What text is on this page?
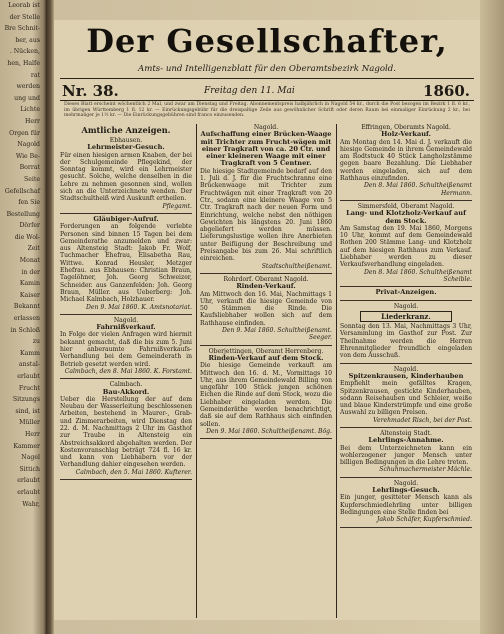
Leorab ist
der Stelle
Bre Schnit-
ber, aus
. Nücken,
hen, Halfe
rat
werden
ung und
Lichte
Herr
Orgen für
Nagold
Wie Be-
Borrat
Seite
Gefellschaf
fen Sie
Bestellung
Dörfer
die Wol-
Zeit
Monat
in der
Kamin
Kaiser
Bekannt
erlassen
in Schloß
zu
Kamm
anstal-
erlaubt
Frucht
Sitzungs
sind, ist
Müller
Herr
Kammer
Nagel
Sittich
erlaubt
erlaubt
Wahr,
Der Gesellschafter,
Amts- und Intelligenzblatt für den Oberamtsbezirk Nagold.
Nr. 38.	Freitag den 11. Mai	1860.
Dieses Blatt erscheint wöchentlich 2 Mal, und zwar am Dienstag und Freitag. Abonnementspreis halbjährlich in Nagold 54 kr., durch die Post bezogen im Bezirk 1 fl. 6 kr., im übrigen Württemberg 1 fl. 12 kr. — Einrückungsgebühr für die dreispaltige Zeile aus gewöhnlicher Schrift oder deren Raum bei einmaliger Einrückung 2 kr., bei mehrmaliger je 1½ kr. — Die Einrückungsgebühren sind franco einzusenden.
Amtliche Anzeigen.
Ebhausen.
Lehrmeister-Gesuch.
Für einen hiesigen armen Knaben, der bei der Schulgemeinde Pflegekind, der Sonntag kommt, wird ein Lehrmeister gesucht. Solche, welche denselben in die Lehre zu nehmen gesonnen sind, wollen sich an die Unterzeichnete wenden. Der Stadtschultheiß wird Auskunft ertheilen.
Pflegamt.
Gläubiger-Aufruf.
Forderungen an folgende verlebte Personen sind binnen 15 Tagen bei dem Gemeinderathe anzumelden und zwar: aus Altensteig Stadt: Jakob Fr. Wolf, Tuchmacher Ehefrau, Elisabetha Rau, Wittwe. Konrad Heusler, Metzger Ehefrau. aus Ebhausen: Christian Braun, Tagelöhner, Joh. Georg Schweizer, Schneider. aus Ganzenfelden: Joh. Georg Braun, Müller. aus Ueberberg: Joh. Michael Kalmbach, Holzhauer.
Den 9. Mai 1860. K. Amtsnotariat.
Nagold.
Fahrnißverkauf.
In Folge der vielen Anfragen wird hiermit bekannt gemacht, daß die bis zum 5. Juni hier anberaumte Fahrnißverkaufs-Verhandlung bei dem Gemeinderath in Betrieb gesetzt werden wird.
Calmbach, den 8. Mai 1860. K. Forstamt.
Calmbach.
Bau-Akkord.
Ueber die Herstellung der auf dem Neubau der Wasserleitung beschlossenen Arbeiten, bestehend in Maurer-, Grab- und Zimmerarbeiten, wird Dienstag den 22. d. M. Nachmittags 2 Uhr im Gasthof zur Traube in Altensteig ein Abstreichsakkord abgehalten werden. Der Kostenvoranschlag beträgt 724 fl. 16 kr. und kann von Liebhabern vor der Verhandlung dahier eingesehen werden.
Calmbach, den 5. Mai 1860. Kufterer.
Nagold.
Aufschaffung einer Brücken-Waage mit Trichter zum Frucht-wägen mit einer Tragkraft von ca. 20 Ctr. und einer kleineren Waage mit einer Tragkraft von 5 Centner.
Die hiesige Stadtgemeinde bedarf auf den 1. Juli d. J. für die Fruchtschranne eine Brückenwaage mit Trichter zum Fruchtwägen mit einer Tragkraft von 20 Ctr., sodann eine kleinere Waage von 5 Ctr. Tragkraft nach der neuen Form und Einrichtung, welche nebst den nöthigen Gewichten bis längstens 20. Juni 1860 abgeliefert werden müssen. Lieferungslustige wollen ihre Anerbieten unter Beifügung der Beschreibung und Preisangabe bis zum 26. Mai schriftlich einreichen.
Stadtschultheißenamt.
Rohrdorf. Oberamt Nagold.
Rinden-Verkauf.
Am Mittwoch den 16. Mai, Nachmittags 1 Uhr, verkauft die hiesige Gemeinde von 50 Stämmen die Rinde. Die Kaufsliebhaber wollen sich auf dem Rathhause einfinden.
Den 9. Mai 1860. Schultheißenamt. Seeger.
Oberjettingen, Oberamt Herrenberg.
Rinden-Verkauf auf dem Stock.
Die hiesige Gemeinde verkauft am Mittwoch den 16. d. M., Vormittags 10 Uhr, aus ihrem Gemeindewald Billing von ungefähr 100 Stück jungen schönen Eichen die Rinde auf dem Stock, wozu die Liebhaber eingeladen werden. Die Gemeinderäthe werden benachrichtigt, daß sie auf dem Rathhaus sich einfinden sollen.
Den 9. Mai 1860. Schultheißenamt. Bög.
Effringen, Oberamts Nagold.
Holz-Verkauf.
Am Montag den 14. Mai d. J. verkauft die hiesige Gemeinde in ihrem Gemeindewald am Rodtstuck 40 Stück Langholzstämme gegen baare Bezahlung. Die Liebhaber werden eingeladen, sich auf dem Rathhaus einzufinden.
Den 8. Mai 1860. Schultheißenamt Hermann.
Simmersfeld, Oberamt Nagold.
Lang- und Klotzholz-Verkauf auf dem Stock.
Am Samstag den 19. Mai 1860, Morgens 10 Uhr, kommt auf dem Gemeindewald Rothen 200 Stämme Lang- und Klotzholz auf dem hiesigen Rathhaus zum Verkauf. Liebhaber werden zu dieser Verkaufsverhandlung eingeladen.
Den 8. Mai 1860. Schultheißenamt Scheible.
Privat-Anzeigen.
Nagold.
Liederkranz.
Sonntag den 13. Mai, Nachmittags 3 Uhr, Versammlung im Gasthof zur Post. Zur Theilnahme werden die Herren Ehrenmitglieder freundlich eingeladen von dem Ausschuß.
Nagold.
Spitzenkrausen, Kinderhauben
Empfiehlt mein gefälltes Kragen, Spitzenkrausen, gestickte Kinderhauben, sodann Reisehauben und Schleier, weiße und blaue Kinderstrümpfe und eine große Auswahl zu billigen Preisen.
Verehmadet Risch, bei der Post.
Altensteig Stadt.
Lehrlings-Annahme.
Bei dem Unterzeichneten kann ein wohlerzogener junger Mensch unter billigen Bedingungen in die Lehre treten.
Schuhmachermeister Mächle.
Nagold.
Lehrlings-Gesuch.
Ein junger, gesitteter Mensch kann als Kupferschmiedlehrling unter billigen Bedingungen eine Stelle finden bei
Jakob Schäfer, Kupferschmied.
